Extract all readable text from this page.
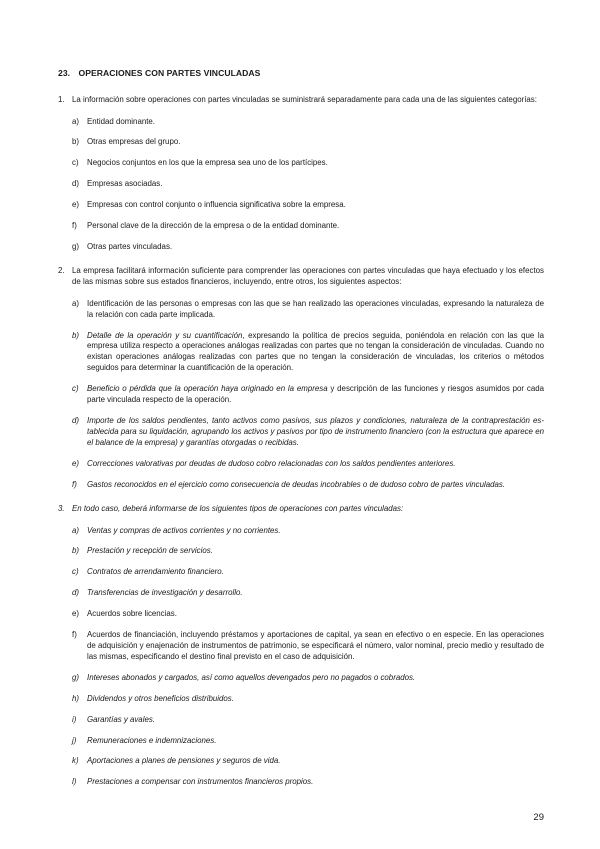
23. OPERACIONES CON PARTES VINCULADAS
1. La información sobre operaciones con partes vinculadas se suministrará separadamente para cada una de las siguientes categorías:
a)	Entidad dominante.
b)	Otras empresas del grupo.
c)	Negocios conjuntos en los que la empresa sea uno de los partícipes.
d)	Empresas asociadas.
e)	Empresas con control conjunto o influencia significativa sobre la empresa.
f)	Personal clave de la dirección de la empresa o de la entidad dominante.
g)	Otras partes vinculadas.
2. La empresa facilitará información suficiente para comprender las operaciones con partes vinculadas que haya efectuado y los efectos de las mismas sobre sus estados financieros, incluyendo, entre otros, los siguientes aspectos:
a)	Identificación de las personas o empresas con las que se han realizado las operaciones vinculadas, expresando la naturaleza de la relación con cada parte implicada.
b)	Detalle de la operación y su cuantificación, expresando la política de precios seguida, poniéndola en relación con las que la empresa utiliza respecto a operaciones análogas realizadas con partes que no tengan la consideración de vinculadas. Cuando no existan operaciones análogas realizadas con partes que no tengan la consideración de vinculadas, los criterios o métodos seguidos para determinar la cuantificación de la operación.
c)	Beneficio o pérdida que la operación haya originado en la empresa y descripción de las funciones y riesgos asumidos por cada parte vinculada respecto de la operación.
d)	Importe de los saldos pendientes, tanto activos como pasivos, sus plazos y condiciones, naturaleza de la contraprestación establecida para su liquidación, agrupando los activos y pasivos por tipo de instrumento financiero (con la estructura que aparece en el balance de la empresa) y garantías otorgadas o recibidas.
e)	Correcciones valorativas por deudas de dudoso cobro relacionadas con los saldos pendientes anteriores.
f)	Gastos reconocidos en el ejercicio como consecuencia de deudas incobrables o de dudoso cobro de partes vinculadas.
3. En todo caso, deberá informarse de los siguientes tipos de operaciones con partes vinculadas:
a)	Ventas y compras de activos corrientes y no corrientes.
b)	Prestación y recepción de servicios.
c)	Contratos de arrendamiento financiero.
d)	Transferencias de investigación y desarrollo.
e)	Acuerdos sobre licencias.
f)	Acuerdos de financiación, incluyendo préstamos y aportaciones de capital, ya sean en efectivo o en especie. En las operaciones de adquisición y enajenación de instrumentos de patrimonio, se especificará el número, valor nominal, precio medio y resultado de las mismas, especificando el destino final previsto en el caso de adquisición.
g)	Intereses abonados y cargados, así como aquellos devengados pero no pagados o cobrados.
h)	Dividendos y otros beneficios distribuidos.
i)	Garantías y avales.
j)	Remuneraciones e indemnizaciones.
k)	Aportaciones a planes de pensiones y seguros de vida.
l)	Prestaciones a compensar con instrumentos financieros propios.
29
